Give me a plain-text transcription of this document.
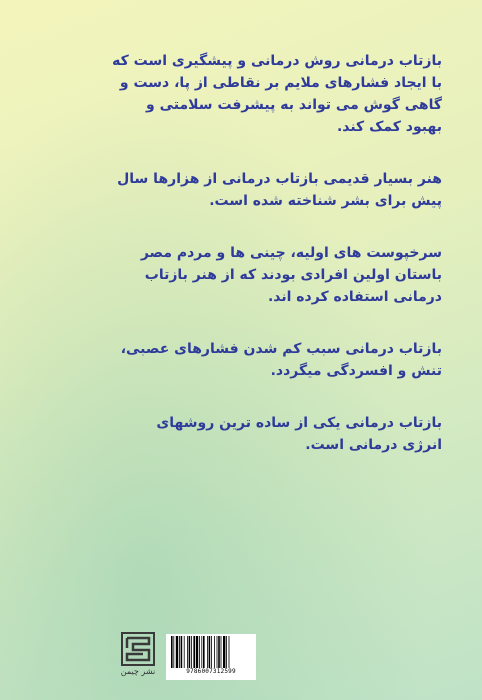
بازتاب درمانی روش درمانی و پیشگیری است که با ایجاد فشارهای ملایم بر نقاطی از پا، دست و گاهی گوش می تواند به پیشرفت سلامتی و بهبود کمک کند.

هنر بسیار قدیمی بازتاب درمانی از هزارها سال پیش برای بشر شناخته شده است.

سرخپوست های اولیه، چینی ها و مردم مصر باستان اولین افرادی بودند که از هنر بازتاب درمانی استفاده کرده اند.

بازتاب درمانی سبب کم شدن فشارهای عصبی، تنش و افسردگی میگردد.

بازتاب درمانی یکی از ساده ترین روشهای انرژی درمانی است.

نشر چیمن	9786007312599
